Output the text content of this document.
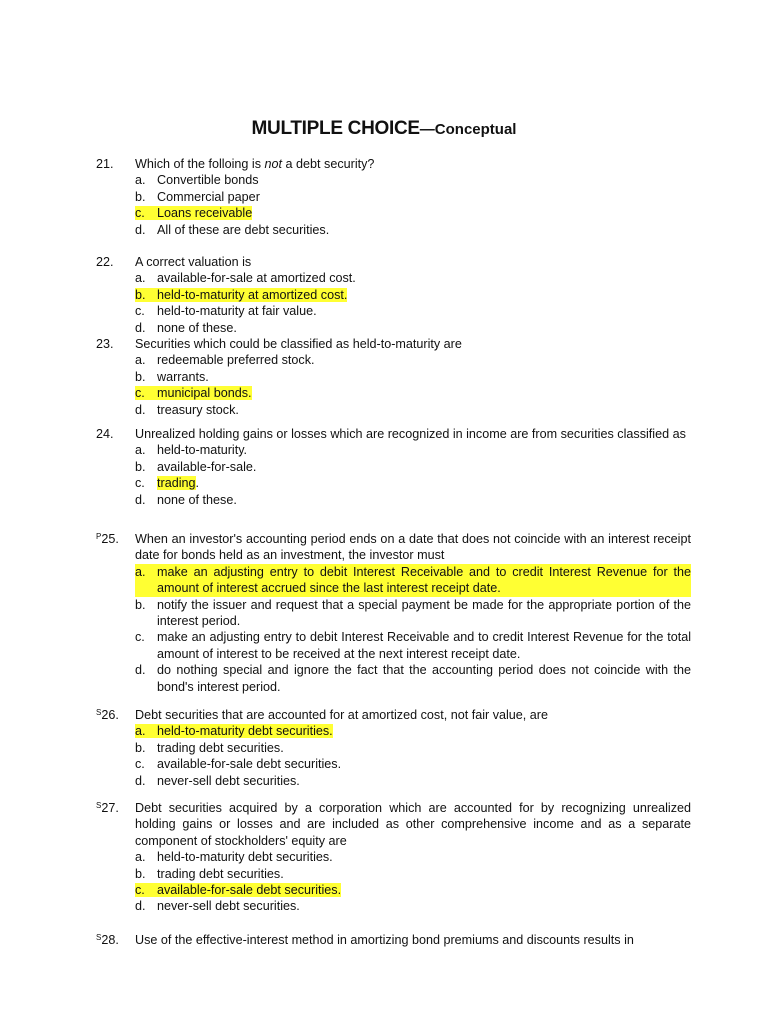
MULTIPLE CHOICE—Conceptual
21.	Which of the folloing is not a debt security?
a. Convertible bonds
b. Commercial paper
c. Loans receivable
d. All of these are debt securities.
22.	A correct valuation is
a. available-for-sale at amortized cost.
b. held-to-maturity at amortized cost.
c. held-to-maturity at fair value.
d. none of these.
23.	Securities which could be classified as held-to-maturity are
a. redeemable preferred stock.
b. warrants.
c. municipal bonds.
d. treasury stock.
24.	Unrealized holding gains or losses which are recognized in income are from securities classified as
a. held-to-maturity.
b. available-for-sale.
c. trading.
d. none of these.
$^P$25.	When an investor's accounting period ends on a date that does not coincide with an interest receipt date for bonds held as an investment, the investor must
a. make an adjusting entry to debit Interest Receivable and to credit Interest Revenue for the amount of interest accrued since the last interest receipt date.
b. notify the issuer and request that a special payment be made for the appropriate portion of the interest period.
c. make an adjusting entry to debit Interest Receivable and to credit Interest Revenue for the total amount of interest to be received at the next interest receipt date.
d. do nothing special and ignore the fact that the accounting period does not coincide with the bond's interest period.
$^S$26.	Debt securities that are accounted for at amortized cost, not fair value, are
a. held-to-maturity debt securities.
b. trading debt securities.
c. available-for-sale debt securities.
d. never-sell debt securities.
$^S$27.	Debt securities acquired by a corporation which are accounted for by recognizing unrealized holding gains or losses and are included as other comprehensive income and as a separate component of stockholders' equity are
a. held-to-maturity debt securities.
b. trading debt securities.
c. available-for-sale debt securities.
d. never-sell debt securities.
$^S$28.	Use of the effective-interest method in amortizing bond premiums and discounts results in
